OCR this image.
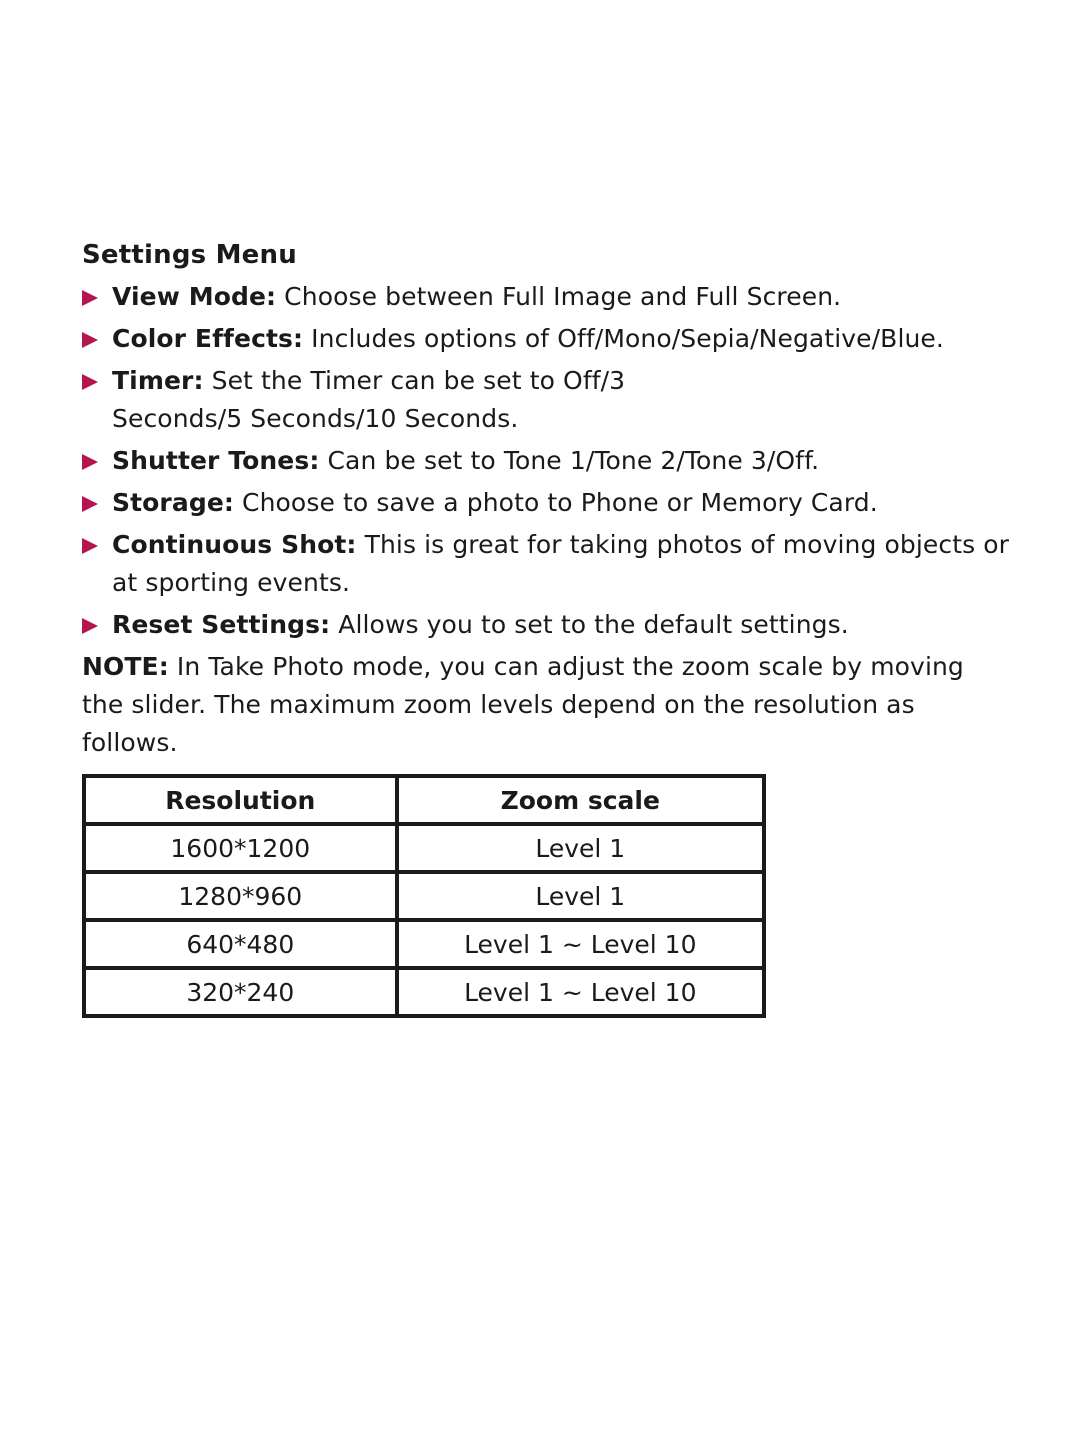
Settings Menu
View Mode: Choose between Full Image and Full Screen.
Color Effects: Includes options of Off/Mono/Sepia/Negative/Blue.
Timer: Set the Timer can be set to Off/3 Seconds/5 Seconds/10 Seconds.
Shutter Tones: Can be set to Tone 1/Tone 2/Tone 3/Off.
Storage: Choose to save a photo to Phone or Memory Card.
Continuous Shot: This is great for taking photos of moving objects or at sporting events.
Reset Settings: Allows you to set to the default settings.

NOTE: In Take Photo mode, you can adjust the zoom scale by moving the slider. The maximum zoom levels depend on the resolution as follows.

Resolution	Zoom scale
1600*1200	Level 1
1280*960	Level 1
640*480	Level 1 ~ Level 10
320*240	Level 1 ~ Level 10
